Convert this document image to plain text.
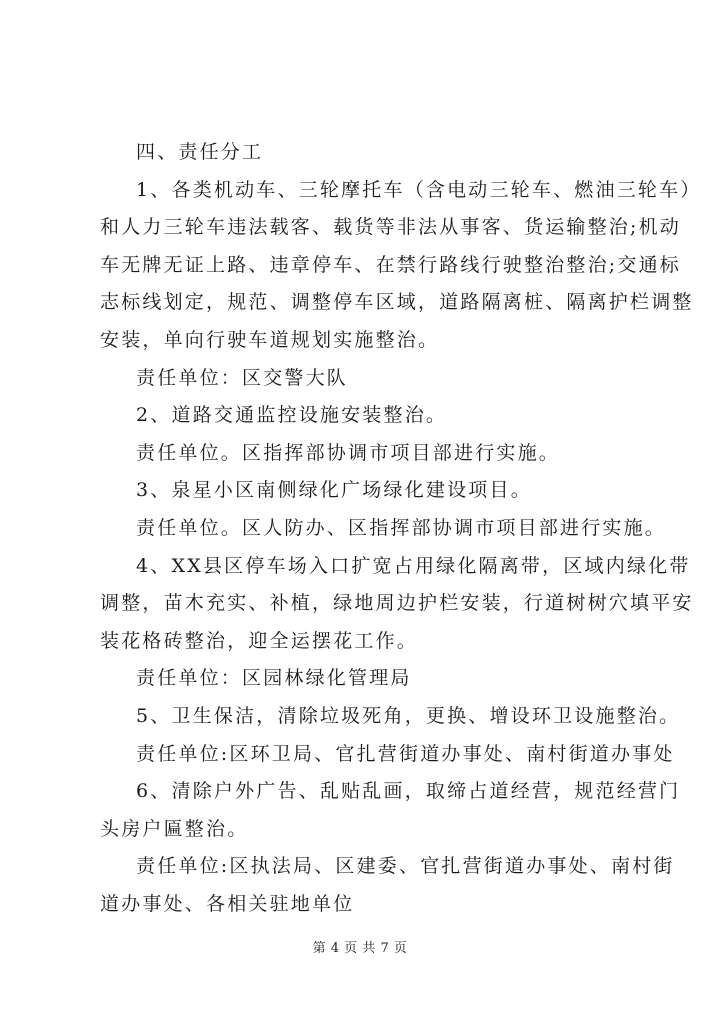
四、责任分工

1、各类机动车、三轮摩托车（含电动三轮车、燃油三轮车）

和人力三轮车违法载客、载货等非法从事客、货运输整治;机动

车无牌无证上路、违章停车、在禁行路线行驶整治整治;交通标

志标线划定，规范、调整停车区域，道路隔离桩、隔离护栏调整

安装，单向行驶车道规划实施整治。

责任单位：区交警大队

2、道路交通监控设施安装整治。

责任单位。区指挥部协调市项目部进行实施。

3、泉星小区南侧绿化广场绿化建设项目。

责任单位。区人防办、区指挥部协调市项目部进行实施。

4、XX县区停车场入口扩宽占用绿化隔离带，区域内绿化带

调整，苗木充实、补植，绿地周边护栏安装，行道树树穴填平安

装花格砖整治，迎全运摆花工作。

责任单位：区园林绿化管理局

5、卫生保洁，清除垃圾死角，更换、增设环卫设施整治。

责任单位:区环卫局、官扎营街道办事处、南村街道办事处

6、清除户外广告、乱贴乱画，取缔占道经营，规范经营门

头房户匾整治。

责任单位:区执法局、区建委、官扎营街道办事处、南村街

道办事处、各相关驻地单位

第 4 页 共 7 页
